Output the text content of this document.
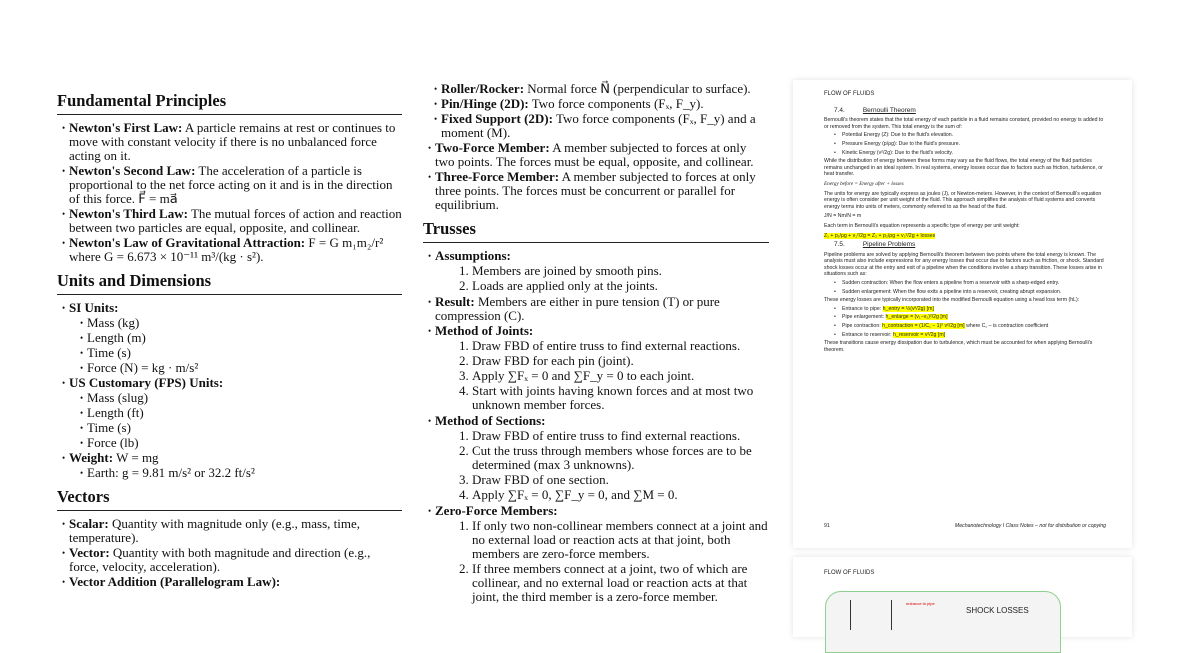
Fundamental Principles
• Newton's First Law: A particle remains at rest or continues to move with constant velocity if there is no unbalanced force acting on it.
• Newton's Second Law: The acceleration of a particle is proportional to the net force acting on it and is in the direction of this force. F⃗ = ma⃗
• Newton's Third Law: The mutual forces of action and reaction between two particles are equal, opposite, and collinear.
• Newton's Law of Gravitational Attraction: F = G m₁m₂/r² where G = 6.673 × 10⁻¹¹ m³/(kg · s²).
Units and Dimensions
• SI Units:
• Mass (kg)
• Length (m)
• Time (s)
• Force (N) = kg · m/s²
• US Customary (FPS) Units:
• Mass (slug)
• Length (ft)
• Time (s)
• Force (lb)
• Weight: W = mg
• Earth: g = 9.81 m/s² or 32.2 ft/s²
Vectors
• Scalar: Quantity with magnitude only (e.g., mass, time, temperature).
• Vector: Quantity with both magnitude and direction (e.g., force, velocity, acceleration).
• Vector Addition (Parallelogram Law):
• Roller/Rocker: Normal force N⃗ (perpendicular to surface).
• Pin/Hinge (2D): Two force components (Fₓ, F_y).
• Fixed Support (2D): Two force components (Fₓ, F_y) and a moment (M).
• Two-Force Member: A member subjected to forces at only two points. The forces must be equal, opposite, and collinear.
• Three-Force Member: A member subjected to forces at only three points. The forces must be concurrent or parallel for equilibrium.
Trusses
• Assumptions:
1. Members are joined by smooth pins.
2. Loads are applied only at the joints.
• Result: Members are either in pure tension (T) or pure compression (C).
• Method of Joints:
1. Draw FBD of entire truss to find external reactions.
2. Draw FBD for each pin (joint).
3. Apply ∑Fₓ = 0 and ∑F_y = 0 to each joint.
4. Start with joints having known forces and at most two unknown member forces.
• Method of Sections:
1. Draw FBD of entire truss to find external reactions.
2. Cut the truss through members whose forces are to be determined (max 3 unknowns).
3. Draw FBD of one section.
4. Apply ∑Fₓ = 0, ∑F_y = 0, and ∑M = 0.
• Zero-Force Members:
1. If only two non-collinear members connect at a joint and no external load or reaction acts at that joint, both members are zero-force members.
2. If three members connect at a joint, two of which are collinear, and no external load or reaction acts at that joint, the third member is a zero-force member.
FLOW OF FLUIDS
7.4.	Bernoulli Theorem
Bernoulli's theorem states that the total energy of each particle in a fluid remains constant, provided no energy is added to or removed from the system. This total energy is the sum of:
• Potential Energy (Z): Due to the fluid's elevation.
• Pressure Energy (p/ρg): Due to the fluid's pressure.
• Kinetic Energy (v²/2g): Due to the fluid's velocity.
While the distribution of energy between these forms may vary as the fluid flows, the total energy of the fluid particles remains unchanged in an ideal system. In real systems, energy losses occur due to factors such as friction, turbulence, or heat transfer.
Energy before = Energy after + losses
The units for energy are typically express as joules (J), or Newton-meters. However, in the context of Bernoulli's equation energy is often consider per unit weight of the fluid. This approach simplifies the analysis of fluid systems and converts energy terms into units of meters, commonly referred to as the head of the fluid.
J/N = Nm/N = m
Each term in Bernoulli's equation represents a specific type of energy per unit weight:
Z₁ + p₁/ρg + v₁²/2g = Z₂ + p₂/ρg + v₂²/2g + losses
7.5.	Pipeline Problems
Pipeline problems are solved by applying Bernoulli's theorem between two points where the total energy is known. The analysis must also include expressions for any energy losses that occur due to factors such as friction, or shock. Standard shock losses occur at the entry and exit of a pipeline when the conditions involve a sharp transition. These losses arise in situations such as:
• Sudden contraction: When the flow enters a pipeline from a reservoir with a sharp-edged entry.
• Sudden enlargement: When the flow exits a pipeline into a reservoir, creating abrupt expansion.
These energy losses are typically incorporated into the modified Bernoulli equation using a head loss term (hL):
• Entrance to pipe: h_entry = ½(v²/2g) [m]
• Pipe enlargement: h_enlarge = (v₁−v₂)²/2g [m]
• Pipe contraction: h_contraction = (1/C꜀ − 1)² v²/2g [m] where C꜀ – is contraction coefficient
• Entrance to reservoir: h_reservoir = v²/2g [m]
These transitions cause energy dissipation due to turbulence, which must be accounted for when applying Bernoulli's theorem.
91	Mechanotechnology I Class Notes – not for distribution or copying
FLOW OF FLUIDS
entrance to pipe
SHOCK LOSSES
